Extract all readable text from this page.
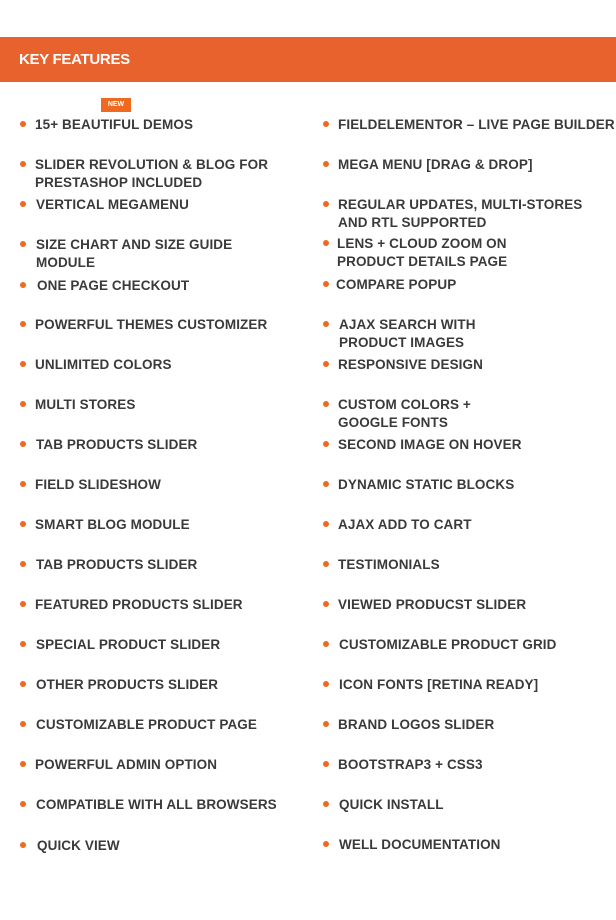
KEY FEATURES
NEW
15+ BEAUTIFUL DEMOS
SLIDER REVOLUTION & BLOG FOR PRESTASHOP INCLUDED
VERTICAL MEGAMENU
SIZE CHART AND SIZE GUIDE MODULE
ONE PAGE CHECKOUT
POWERFUL THEMES CUSTOMIZER
UNLIMITED COLORS
MULTI STORES
TAB PRODUCTS SLIDER
FIELD SLIDESHOW
SMART BLOG MODULE
TAB PRODUCTS SLIDER
FEATURED PRODUCTS SLIDER
SPECIAL PRODUCT SLIDER
OTHER PRODUCTS SLIDER
CUSTOMIZABLE PRODUCT PAGE
POWERFUL ADMIN OPTION
COMPATIBLE WITH ALL BROWSERS
QUICK VIEW
FIELDELEMENTOR – LIVE PAGE BUILDER
MEGA MENU [DRAG & DROP]
REGULAR UPDATES, MULTI-STORES AND RTL SUPPORTED
LENS + CLOUD ZOOM ON PRODUCT DETAILS PAGE
COMPARE POPUP
AJAX SEARCH WITH PRODUCT IMAGES
RESPONSIVE DESIGN
CUSTOM COLORS + GOOGLE FONTS
SECOND IMAGE ON HOVER
DYNAMIC STATIC BLOCKS
AJAX ADD TO CART
TESTIMONIALS
VIEWED PRODUCST SLIDER
CUSTOMIZABLE PRODUCT GRID
ICON FONTS [RETINA READY]
BRAND LOGOS SLIDER
BOOTSTRAP3 + CSS3
QUICK INSTALL
WELL DOCUMENTATION
